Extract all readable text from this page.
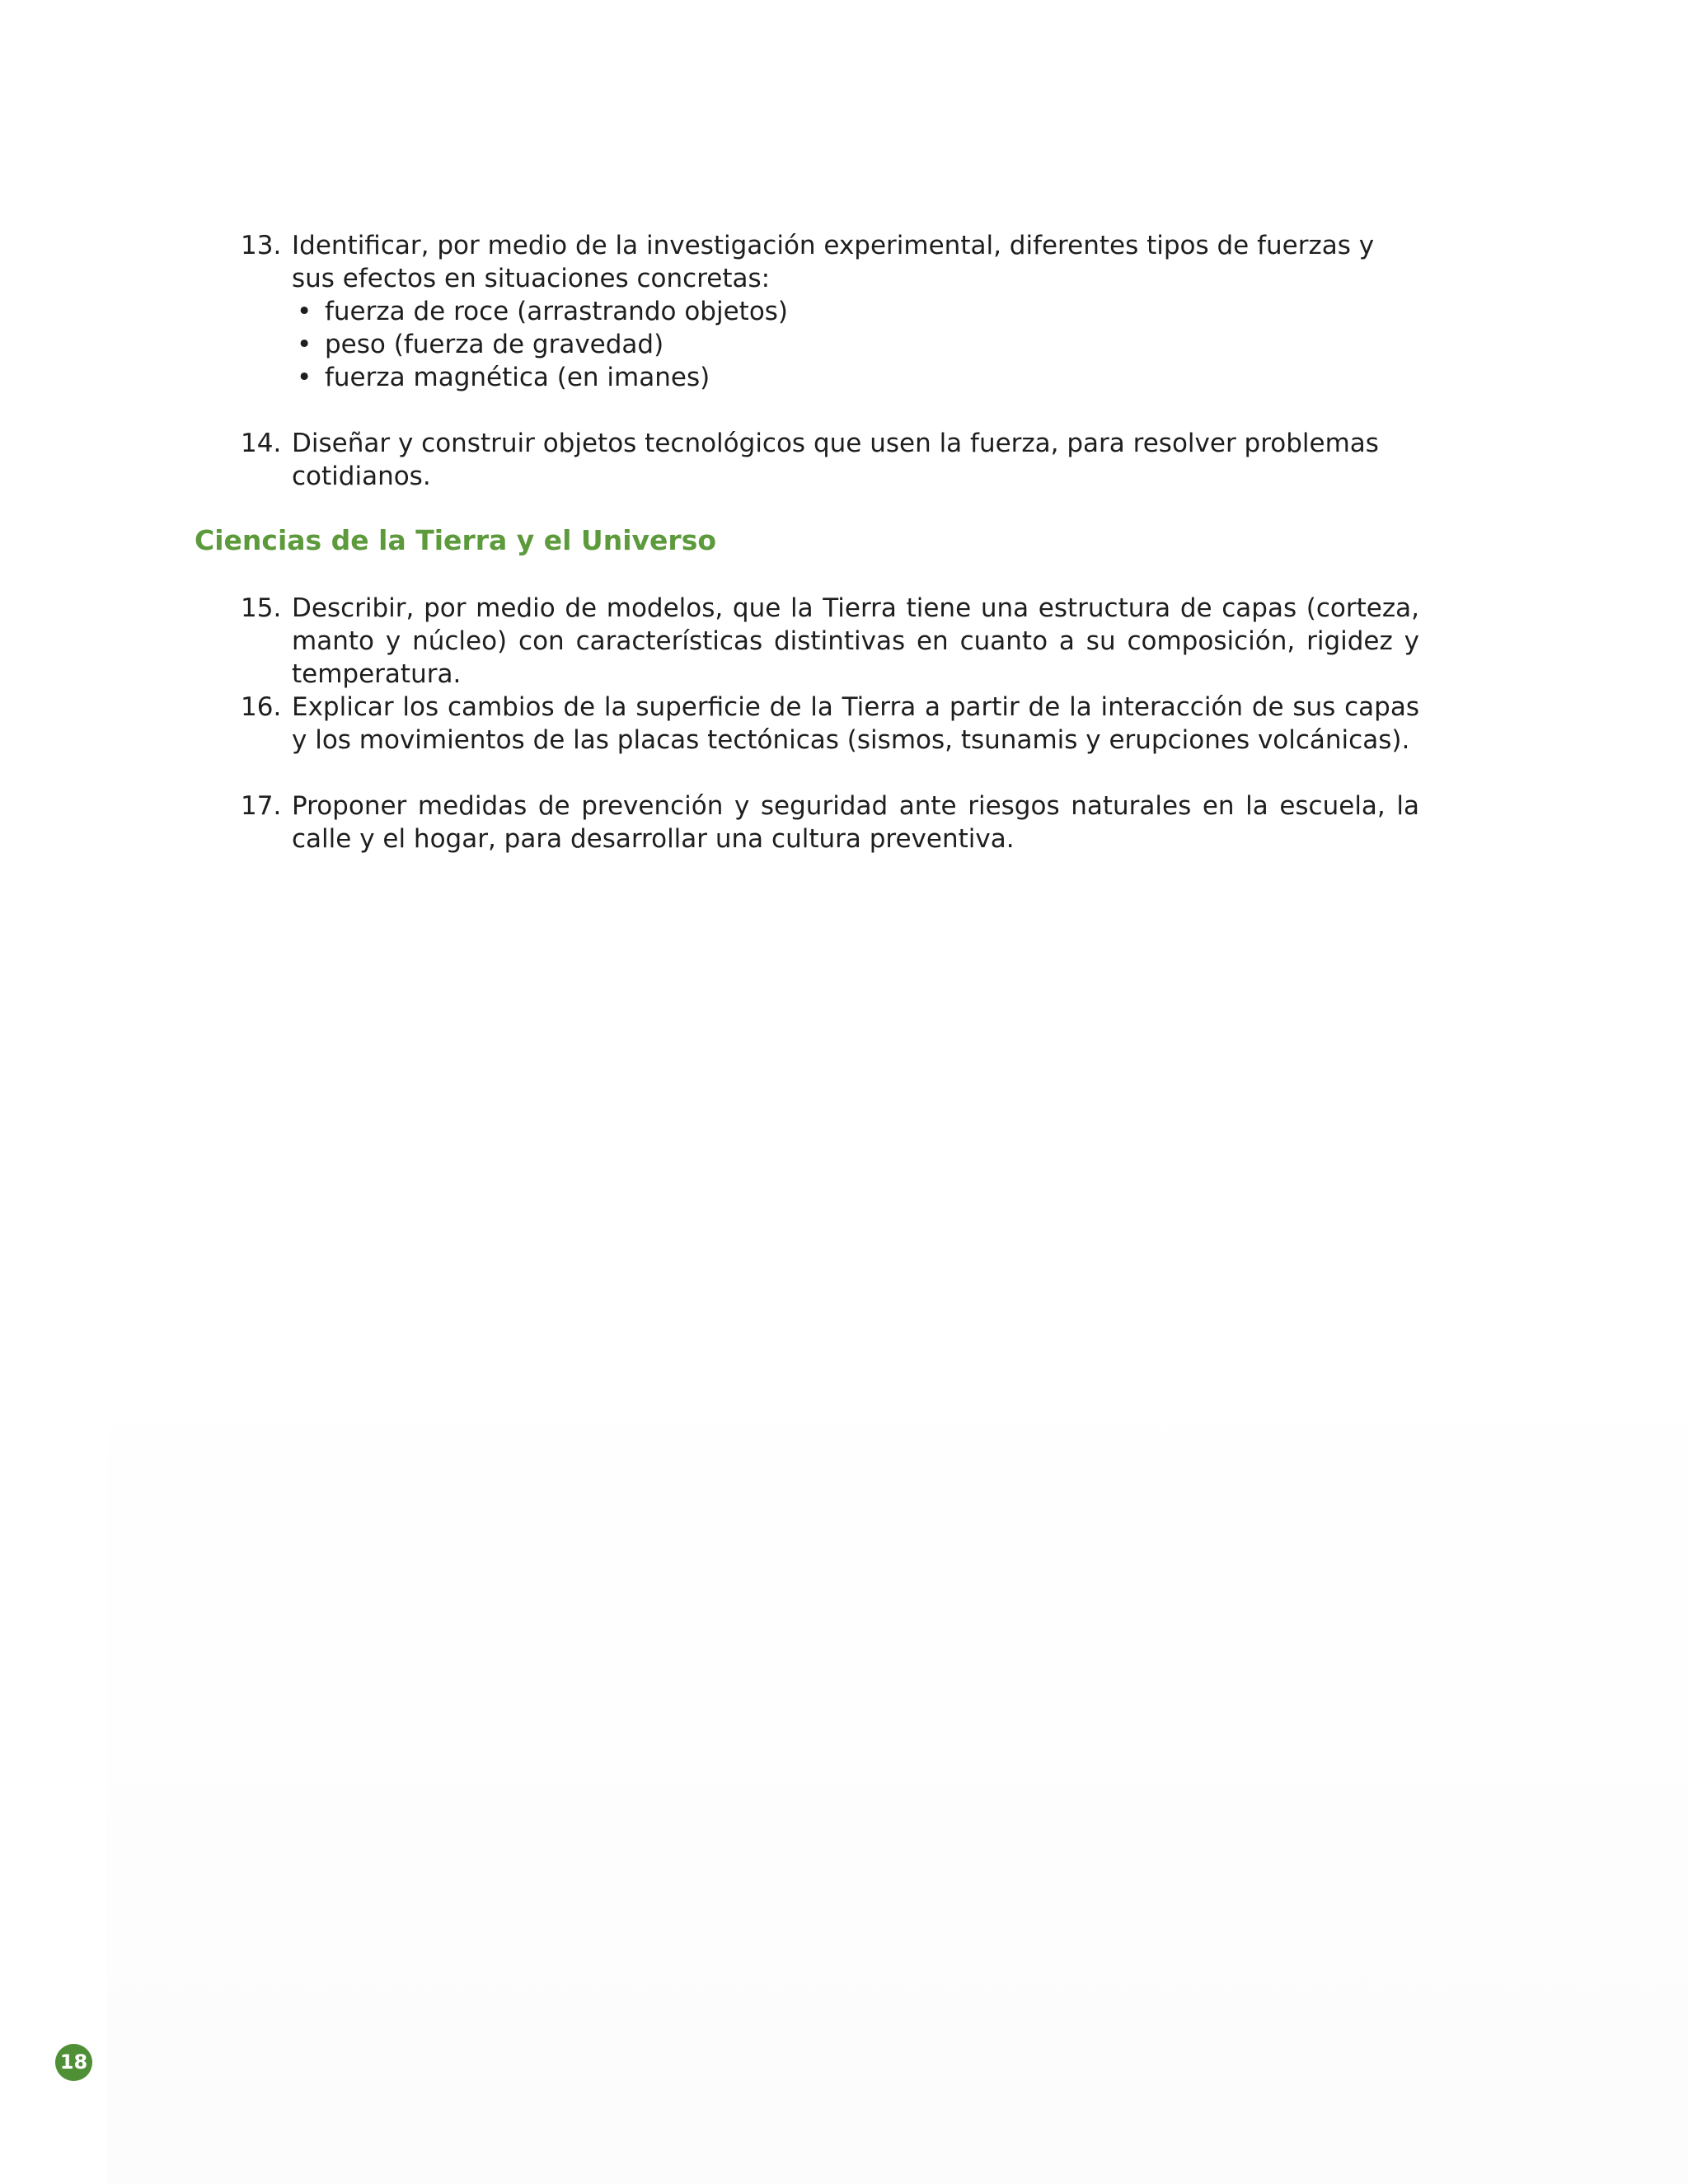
13. Identificar, por medio de la investigación experimental, diferentes tipos de fuerzas y sus efectos en situaciones concretas:
• fuerza de roce (arrastrando objetos)
• peso (fuerza de gravedad)
• fuerza magnética (en imanes)
14. Diseñar y construir objetos tecnológicos que usen la fuerza, para resolver problemas cotidianos.
Ciencias de la Tierra y el Universo
15. Describir, por medio de modelos, que la Tierra tiene una estructura de capas (corteza, manto y núcleo) con características distintivas en cuanto a su composición, rigidez y temperatura.
16. Explicar los cambios de la superficie de la Tierra a partir de la interacción de sus capas y los movimientos de las placas tectónicas (sismos, tsunamis y erupciones volcánicas).
17. Proponer medidas de prevención y seguridad ante riesgos naturales en la escuela, la calle y el hogar, para desarrollar una cultura preventiva.
18
